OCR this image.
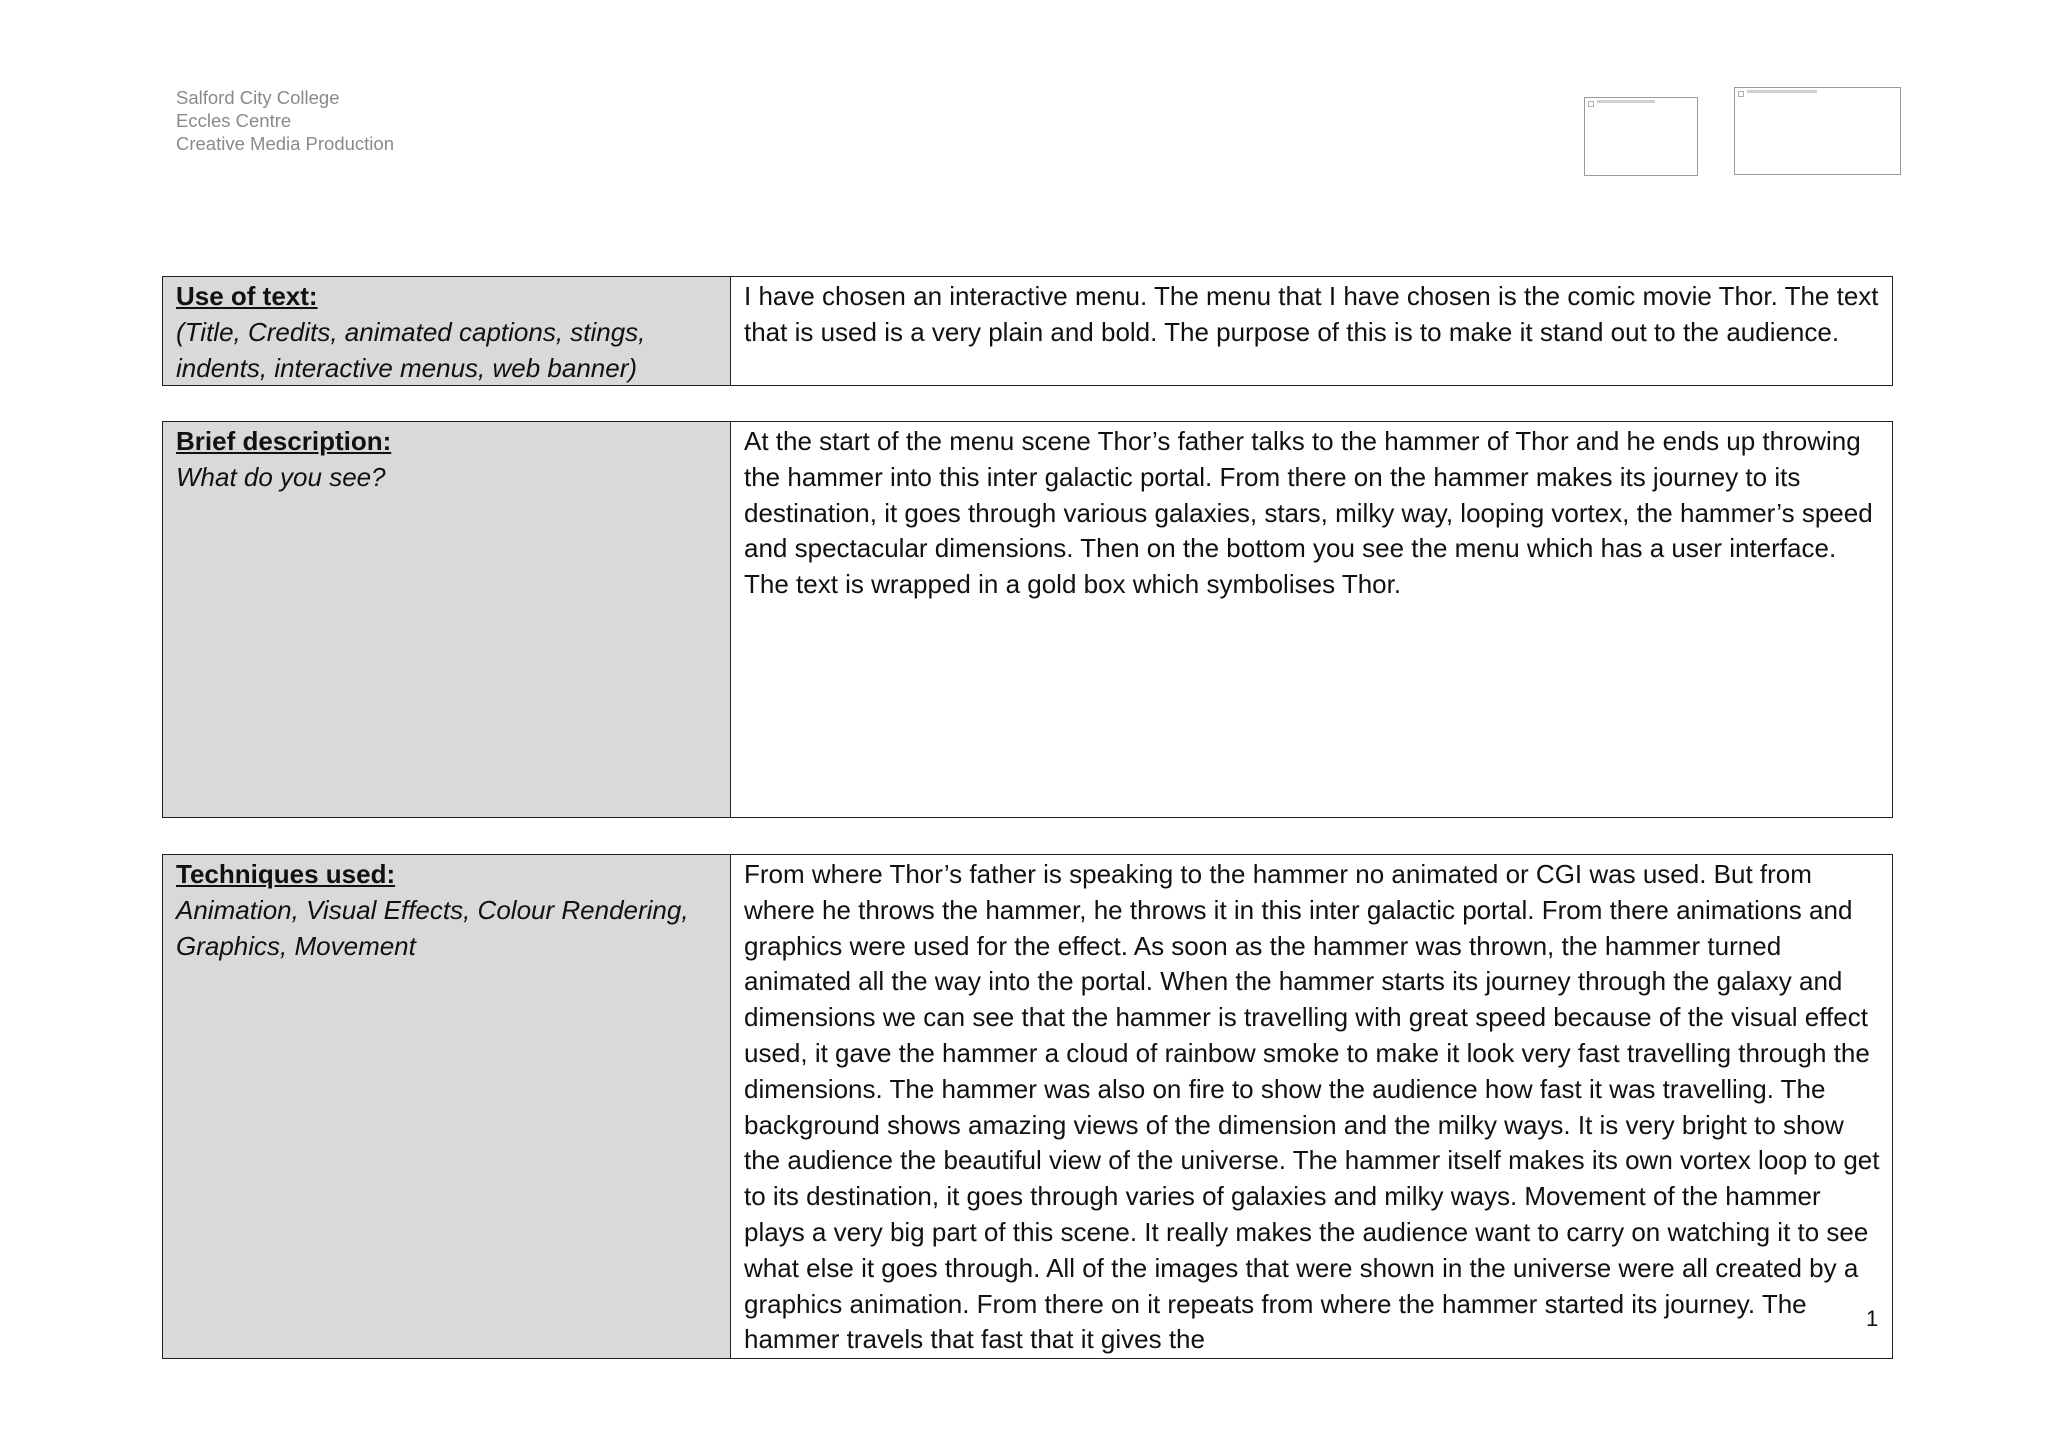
Salford City College
Eccles Centre
Creative Media Production
Use of text:
(Title, Credits, animated captions, stings, indents, interactive menus, web banner)
I have chosen an interactive menu. The menu that I have chosen is the comic movie Thor. The text that is used is a very plain and bold. The purpose of this is to make it stand out to the audience.
Brief description:
What do you see?
At the start of the menu scene Thor’s father talks to the hammer of Thor and he ends up throwing the hammer into this inter galactic portal. From there on the hammer makes its journey to its destination, it goes through various galaxies, stars, milky way, looping vortex, the hammer’s speed and spectacular dimensions. Then on the bottom you see the menu which has a user interface. The text is wrapped in a gold box which symbolises Thor.
Techniques used:
Animation, Visual Effects, Colour Rendering, Graphics, Movement
From where Thor’s father is speaking to the hammer no animated or CGI was used. But from where he throws the hammer, he throws it in this inter galactic portal. From there animations and graphics were used for the effect. As soon as the hammer was thrown, the hammer turned animated all the way into the portal. When the hammer starts its journey through the galaxy and dimensions we can see that the hammer is travelling with great speed because of the visual effect used, it gave the hammer a cloud of rainbow smoke to make it look very fast travelling through the dimensions. The hammer was also on fire to show the audience how fast it was travelling. The background shows amazing views of the dimension and the milky ways. It is very bright to show the audience the beautiful view of the universe. The hammer itself makes its own vortex loop to get to its destination, it goes through varies of galaxies and milky ways. Movement of the hammer plays a very big part of this scene. It really makes the audience want to carry on watching it to see what else it goes through. All of the images that were shown in the universe were all created by a graphics animation. From there on it repeats from where the hammer started its journey. The hammer travels that fast that it gives the
1
